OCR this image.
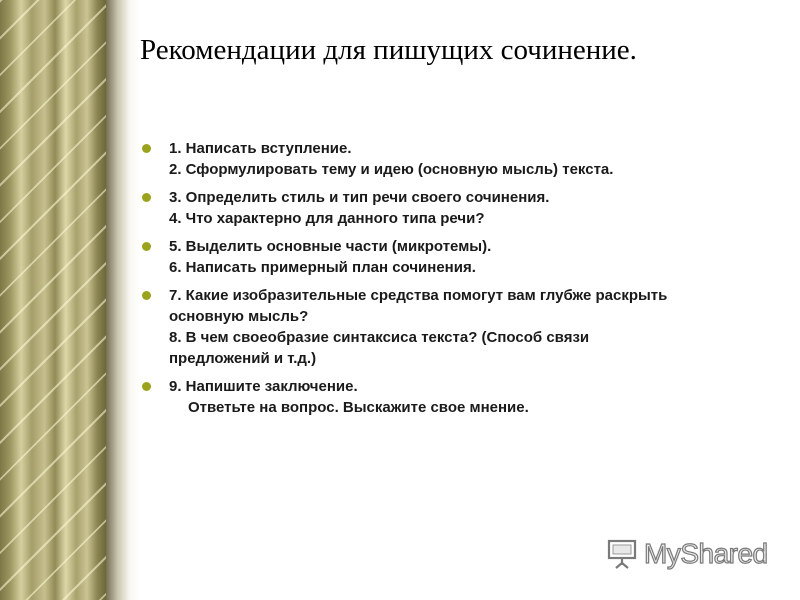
Рекомендации для пишущих сочинение.
1. Написать вступление.
2. Сформулировать тему и идею (основную мысль) текста.
3. Определить стиль и тип речи своего сочинения.
4. Что характерно для данного типа речи?
5. Выделить основные части (микротемы).
6. Написать примерный план сочинения.
7. Какие изобразительные средства помогут вам глубже раскрыть
основную мысль?
8. В чем своеобразие синтаксиса текста? (Способ связи
предложений и т.д.)
9. Напишите заключение.
Ответьте на вопрос. Выскажите свое мнение.
MyShared
